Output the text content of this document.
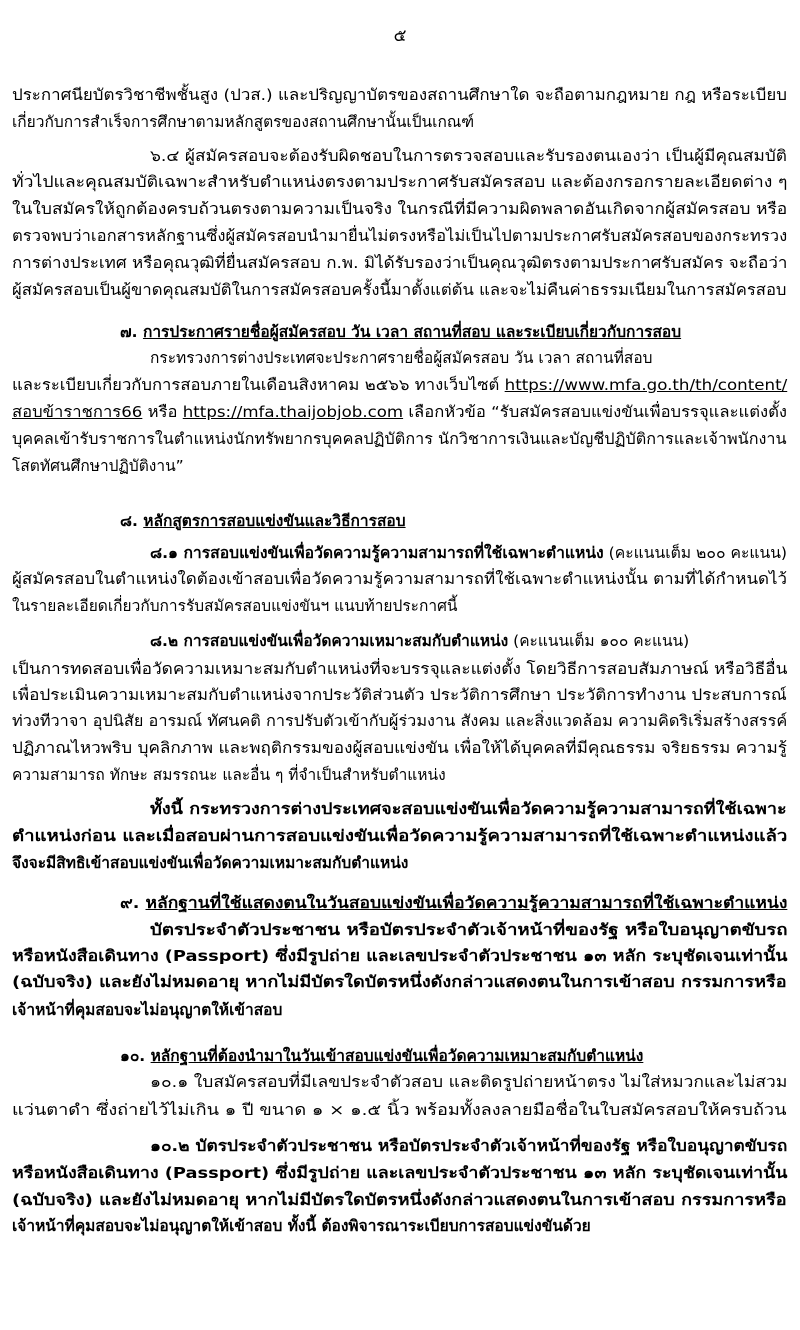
๕
ประกาศนียบัตรวิชาชีพชั้นสูง (ปวส.) และปริญญาบัตรของสถานศึกษาใด จะถือตามกฎหมาย กฎ หรือระเบียบ
เกี่ยวกับการสำเร็จการศึกษาตามหลักสูตรของสถานศึกษานั้นเป็นเกณฑ์
๖.๔ ผู้สมัครสอบจะต้องรับผิดชอบในการตรวจสอบและรับรองตนเองว่า เป็นผู้มีคุณสมบัติ
ทั่วไปและคุณสมบัติเฉพาะสำหรับตำแหน่งตรงตามประกาศรับสมัครสอบ และต้องกรอกรายละเอียดต่าง ๆ
ในใบสมัครให้ถูกต้องครบถ้วนตรงตามความเป็นจริง ในกรณีที่มีความผิดพลาดอันเกิดจากผู้สมัครสอบ หรือ
ตรวจพบว่าเอกสารหลักฐานซึ่งผู้สมัครสอบนำมายื่นไม่ตรงหรือไม่เป็นไปตามประกาศรับสมัครสอบของกระทรวง
การต่างประเทศ หรือคุณวุฒิที่ยื่นสมัครสอบ ก.พ. มิได้รับรองว่าเป็นคุณวุฒิตรงตามประกาศรับสมัคร จะถือว่า
ผู้สมัครสอบเป็นผู้ขาดคุณสมบัติในการสมัครสอบครั้งนี้มาตั้งแต่ต้น และจะไม่คืนค่าธรรมเนียมในการสมัครสอบ
๗. การประกาศรายชื่อผู้สมัครสอบ วัน เวลา สถานที่สอบ และระเบียบเกี่ยวกับการสอบ
กระทรวงการต่างประเทศจะประกาศรายชื่อผู้สมัครสอบ วัน เวลา สถานที่สอบ
และระเบียบเกี่ยวกับการสอบภายในเดือนสิงหาคม ๒๕๖๖ ทางเว็บไซต์ https://www.mfa.go.th/th/content/
สอบข้าราชการ66 หรือ https://mfa.thaijobjob.com เลือกหัวข้อ “รับสมัครสอบแข่งขันเพื่อบรรจุและแต่งตั้ง
บุคคลเข้ารับราชการในตำแหน่งนักทรัพยากรบุคคลปฏิบัติการ นักวิชาการเงินและบัญชีปฏิบัติการและเจ้าพนักงาน
โสตทัศนศึกษาปฏิบัติงาน”
๘. หลักสูตรการสอบแข่งขันและวิธีการสอบ
๘.๑ การสอบแข่งขันเพื่อวัดความรู้ความสามารถที่ใช้เฉพาะตำแหน่ง (คะแนนเต็ม ๒๐๐ คะแนน)
ผู้สมัครสอบในตำแหน่งใดต้องเข้าสอบเพื่อวัดความรู้ความสามารถที่ใช้เฉพาะตำแหน่งนั้น ตามที่ได้กำหนดไว้
ในรายละเอียดเกี่ยวกับการรับสมัครสอบแข่งขันฯ แนบท้ายประกาศนี้
๘.๒ การสอบแข่งขันเพื่อวัดความเหมาะสมกับตำแหน่ง (คะแนนเต็ม ๑๐๐ คะแนน)
เป็นการทดสอบเพื่อวัดความเหมาะสมกับตำแหน่งที่จะบรรจุและแต่งตั้ง โดยวิธีการสอบสัมภาษณ์ หรือวิธีอื่น
เพื่อประเมินความเหมาะสมกับตำแหน่งจากประวัติส่วนตัว ประวัติการศึกษา ประวัติการทำงาน ประสบการณ์
ท่วงทีวาจา อุปนิสัย อารมณ์ ทัศนคติ การปรับตัวเข้ากับผู้ร่วมงาน สังคม และสิ่งแวดล้อม ความคิดริเริ่มสร้างสรรค์
ปฏิภาณไหวพริบ บุคลิกภาพ และพฤติกรรมของผู้สอบแข่งขัน เพื่อให้ได้บุคคลที่มีคุณธรรม จริยธรรม ความรู้
ความสามารถ ทักษะ สมรรถนะ และอื่น ๆ ที่จำเป็นสำหรับตำแหน่ง
ทั้งนี้ กระทรวงการต่างประเทศจะสอบแข่งขันเพื่อวัดความรู้ความสามารถที่ใช้เฉพาะ
ตำแหน่งก่อน และเมื่อสอบผ่านการสอบแข่งขันเพื่อวัดความรู้ความสามารถที่ใช้เฉพาะตำแหน่งแล้ว
จึงจะมีสิทธิเข้าสอบแข่งขันเพื่อวัดความเหมาะสมกับตำแหน่ง
๙. หลักฐานที่ใช้แสดงตนในวันสอบแข่งขันเพื่อวัดความรู้ความสามารถที่ใช้เฉพาะตำแหน่ง
บัตรประจำตัวประชาชน หรือบัตรประจำตัวเจ้าหน้าที่ของรัฐ หรือใบอนุญาตขับรถ
หรือหนังสือเดินทาง (Passport) ซึ่งมีรูปถ่าย และเลขประจำตัวประชาชน ๑๓ หลัก ระบุชัดเจนเท่านั้น
(ฉบับจริง) และยังไม่หมดอายุ หากไม่มีบัตรใดบัตรหนึ่งดังกล่าวแสดงตนในการเข้าสอบ กรรมการหรือ
เจ้าหน้าที่คุมสอบจะไม่อนุญาตให้เข้าสอบ
๑๐. หลักฐานที่ต้องนำมาในวันเข้าสอบแข่งขันเพื่อวัดความเหมาะสมกับตำแหน่ง
๑๐.๑ ใบสมัครสอบที่มีเลขประจำตัวสอบ และติดรูปถ่ายหน้าตรง ไม่ใส่หมวกและไม่สวม
แว่นตาดำ ซึ่งถ่ายไว้ไม่เกิน ๑ ปี ขนาด ๑ × ๑.๕ นิ้ว พร้อมทั้งลงลายมือชื่อในใบสมัครสอบให้ครบถ้วน
๑๐.๒ บัตรประจำตัวประชาชน หรือบัตรประจำตัวเจ้าหน้าที่ของรัฐ หรือใบอนุญาตขับรถ
หรือหนังสือเดินทาง (Passport) ซึ่งมีรูปถ่าย และเลขประจำตัวประชาชน ๑๓ หลัก ระบุชัดเจนเท่านั้น
(ฉบับจริง) และยังไม่หมดอายุ หากไม่มีบัตรใดบัตรหนึ่งดังกล่าวแสดงตนในการเข้าสอบ กรรมการหรือ
เจ้าหน้าที่คุมสอบจะไม่อนุญาตให้เข้าสอบ ทั้งนี้ ต้องพิจารณาระเบียบการสอบแข่งขันด้วย
